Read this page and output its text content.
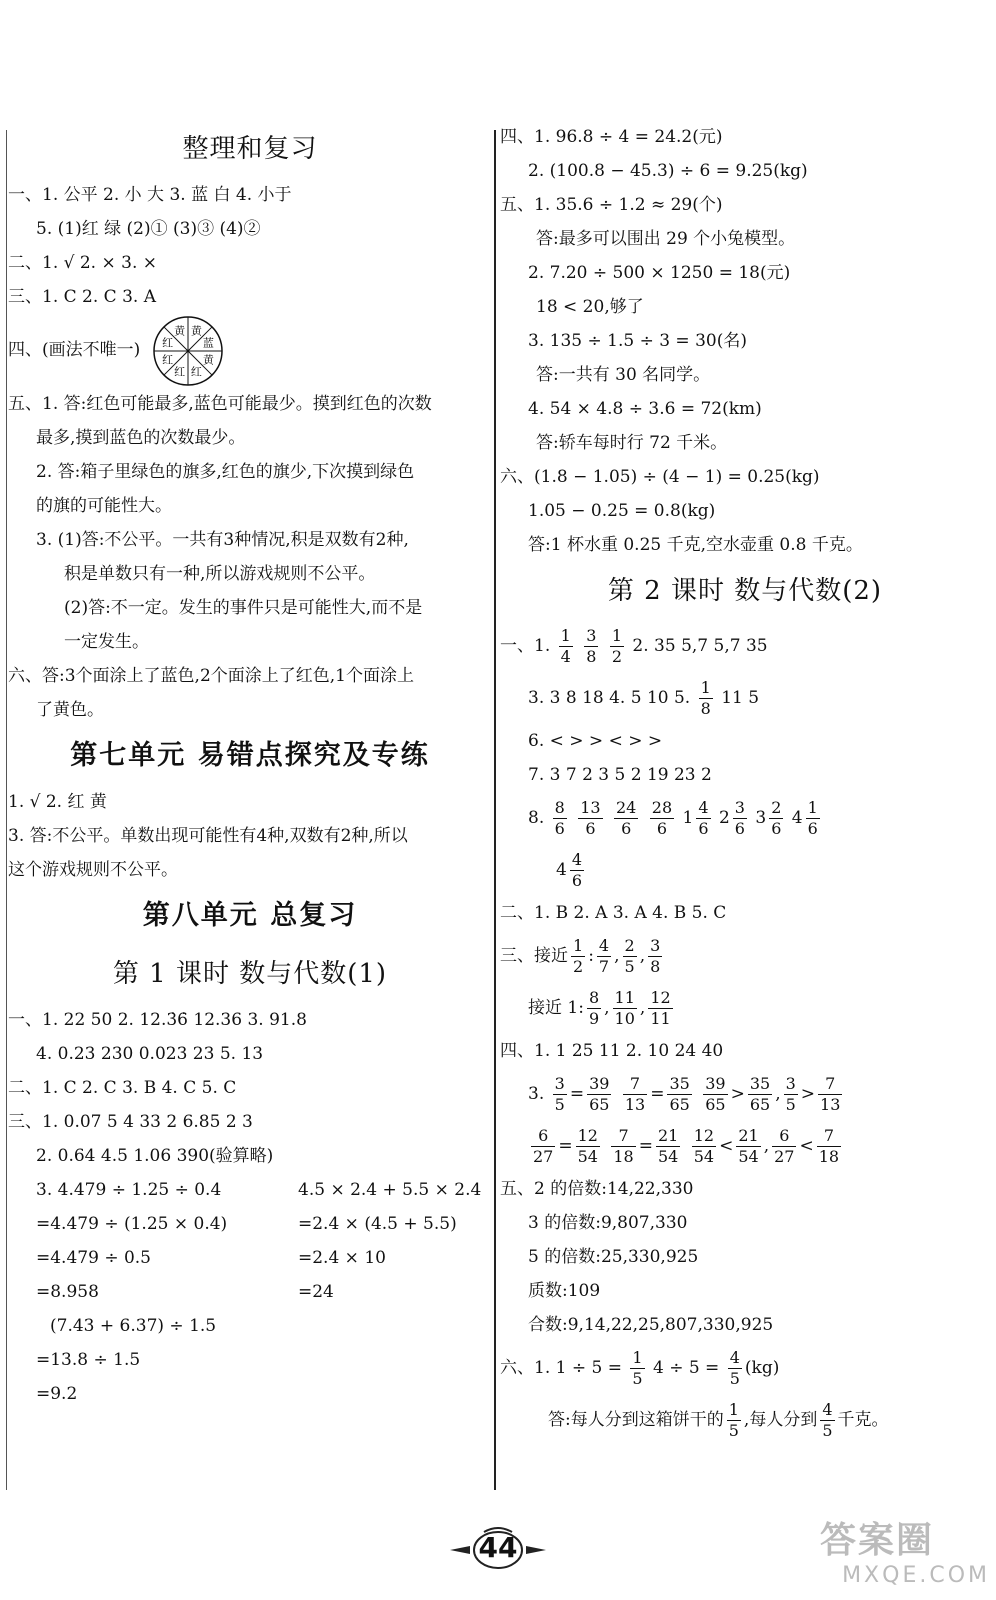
整理和复习
一、1. 公平 2. 小 大 3. 蓝 白 4. 小于
5. (1)红 绿 (2)① (3)③ (4)②
二、1. √ 2. × 3. ×
三、1. C 2. C 3. A
四、(画法不唯一)
黄
蓝
黄
红
红
红
红
黄
五、1. 答:红色可能最多,蓝色可能最少。摸到红色的次数
最多,摸到蓝色的次数最少。
2. 答:箱子里绿色的旗多,红色的旗少,下次摸到绿色
的旗的可能性大。
3. (1)答:不公平。一共有3种情况,积是双数有2种,
积是单数只有一种,所以游戏规则不公平。
(2)答:不一定。发生的事件只是可能性大,而不是
一定发生。
六、答:3个面涂上了蓝色,2个面涂上了红色,1个面涂上
了黄色。
第七单元 易错点探究及专练
1. √ 2. 红 黄
3. 答:不公平。单数出现可能性有4种,双数有2种,所以
这个游戏规则不公平。
第八单元 总复习
第 1 课时 数与代数(1)
一、1. 22 50 2. 12.3̇6̇ 12.36 3. 91.8
4. 0.23 230 0.023 23 5. 13
二、1. C 2. C 3. B 4. C 5. C
三、1. 0.07 5 4 33 2 6.85 2 3
2. 0.64 4.5 1.06 390(验算略)
3. 4.479 ÷ 1.25 ÷ 0.4
=4.479 ÷ (1.25 × 0.4)
=4.479 ÷ 0.5
=8.958
(7.43 + 6.37) ÷ 1.5
=13.8 ÷ 1.5
=9.2
4.5 × 2.4 + 5.5 × 2.4
=2.4 × (4.5 + 5.5)
=2.4 × 10
=24
四、1. 96.8 ÷ 4 = 24.2(元)
2. (100.8 − 45.3) ÷ 6 = 9.25(kg)
五、1. 35.6 ÷ 1.2 ≈ 29(个)
答:最多可以围出 29 个小兔模型。
2. 7.20 ÷ 500 × 1250 = 18(元)
18 < 20,够了
3. 135 ÷ 1.5 ÷ 3 = 30(名)
答:一共有 30 名同学。
4. 54 × 4.8 ÷ 3.6 = 72(km)
答:轿车每时行 72 千米。
六、(1.8 − 1.05) ÷ (4 − 1) = 0.25(kg)
1.05 − 0.25 = 0.8(kg)
答:1 杯水重 0.25 千克,空水壶重 0.8 千克。
第 2 课时 数与代数(2)
一、1. $\frac{1}{4}$
$\frac{3}{8}$
$\frac{1}{2} 2$. 35 5,7 5,7 35
3. 3 8 18 4. 5 10 5. $\frac{1}{8} 11$ 5
6. < > > < > >
7. 3 7 2 3 5 2 19 23 2
8. $\frac{8}{6}$
$\frac{13}{6}$
$\frac{24}{6}$
$\frac{28}{6} 1 \frac{4}{6} 2 \frac{3}{6} 3 \frac{2}{6} 4 \frac{1}{6}$
$4 \frac{4}{6}$
二、1. B 2. A 3. A 4. B 5. C
三、接近 $\frac{1}{2}$ : $\frac{4}{7}$ , $\frac{2}{5}$ , $\frac{3}{8}$
接近 1: $\frac{8}{9}$ , $\frac{11}{10}$ , $\frac{12}{11}$
四、1. 1 25 11 2. 10 24 40
3. $\frac{3}{5} = \frac{39}{65}$
$\frac{7}{13} = \frac{35}{65}$
$\frac{39}{65} > \frac{35}{65}$ , $\frac{3}{5} > \frac{7}{13}$
$\frac{6}{27} = \frac{12}{54}$
$\frac{7}{18} = \frac{21}{54}$
$\frac{12}{54} < \frac{21}{54}$ , $\frac{6}{27} < \frac{7}{18}$
五、2 的倍数:14,22,330
3 的倍数:9,807,330
5 的倍数:25,330,925
质数:109
合数:9,14,22,25,807,330,925
六、1. $1 \div 5 = \frac{1}{5} 4 \div 5 = \frac{4}{5} (kg)$
答:每人分到这箱饼干的 $\frac{1}{5}$ ,每人分到 $\frac{4}{5}$ 千克。
44	答案圈
MXQE.COM
